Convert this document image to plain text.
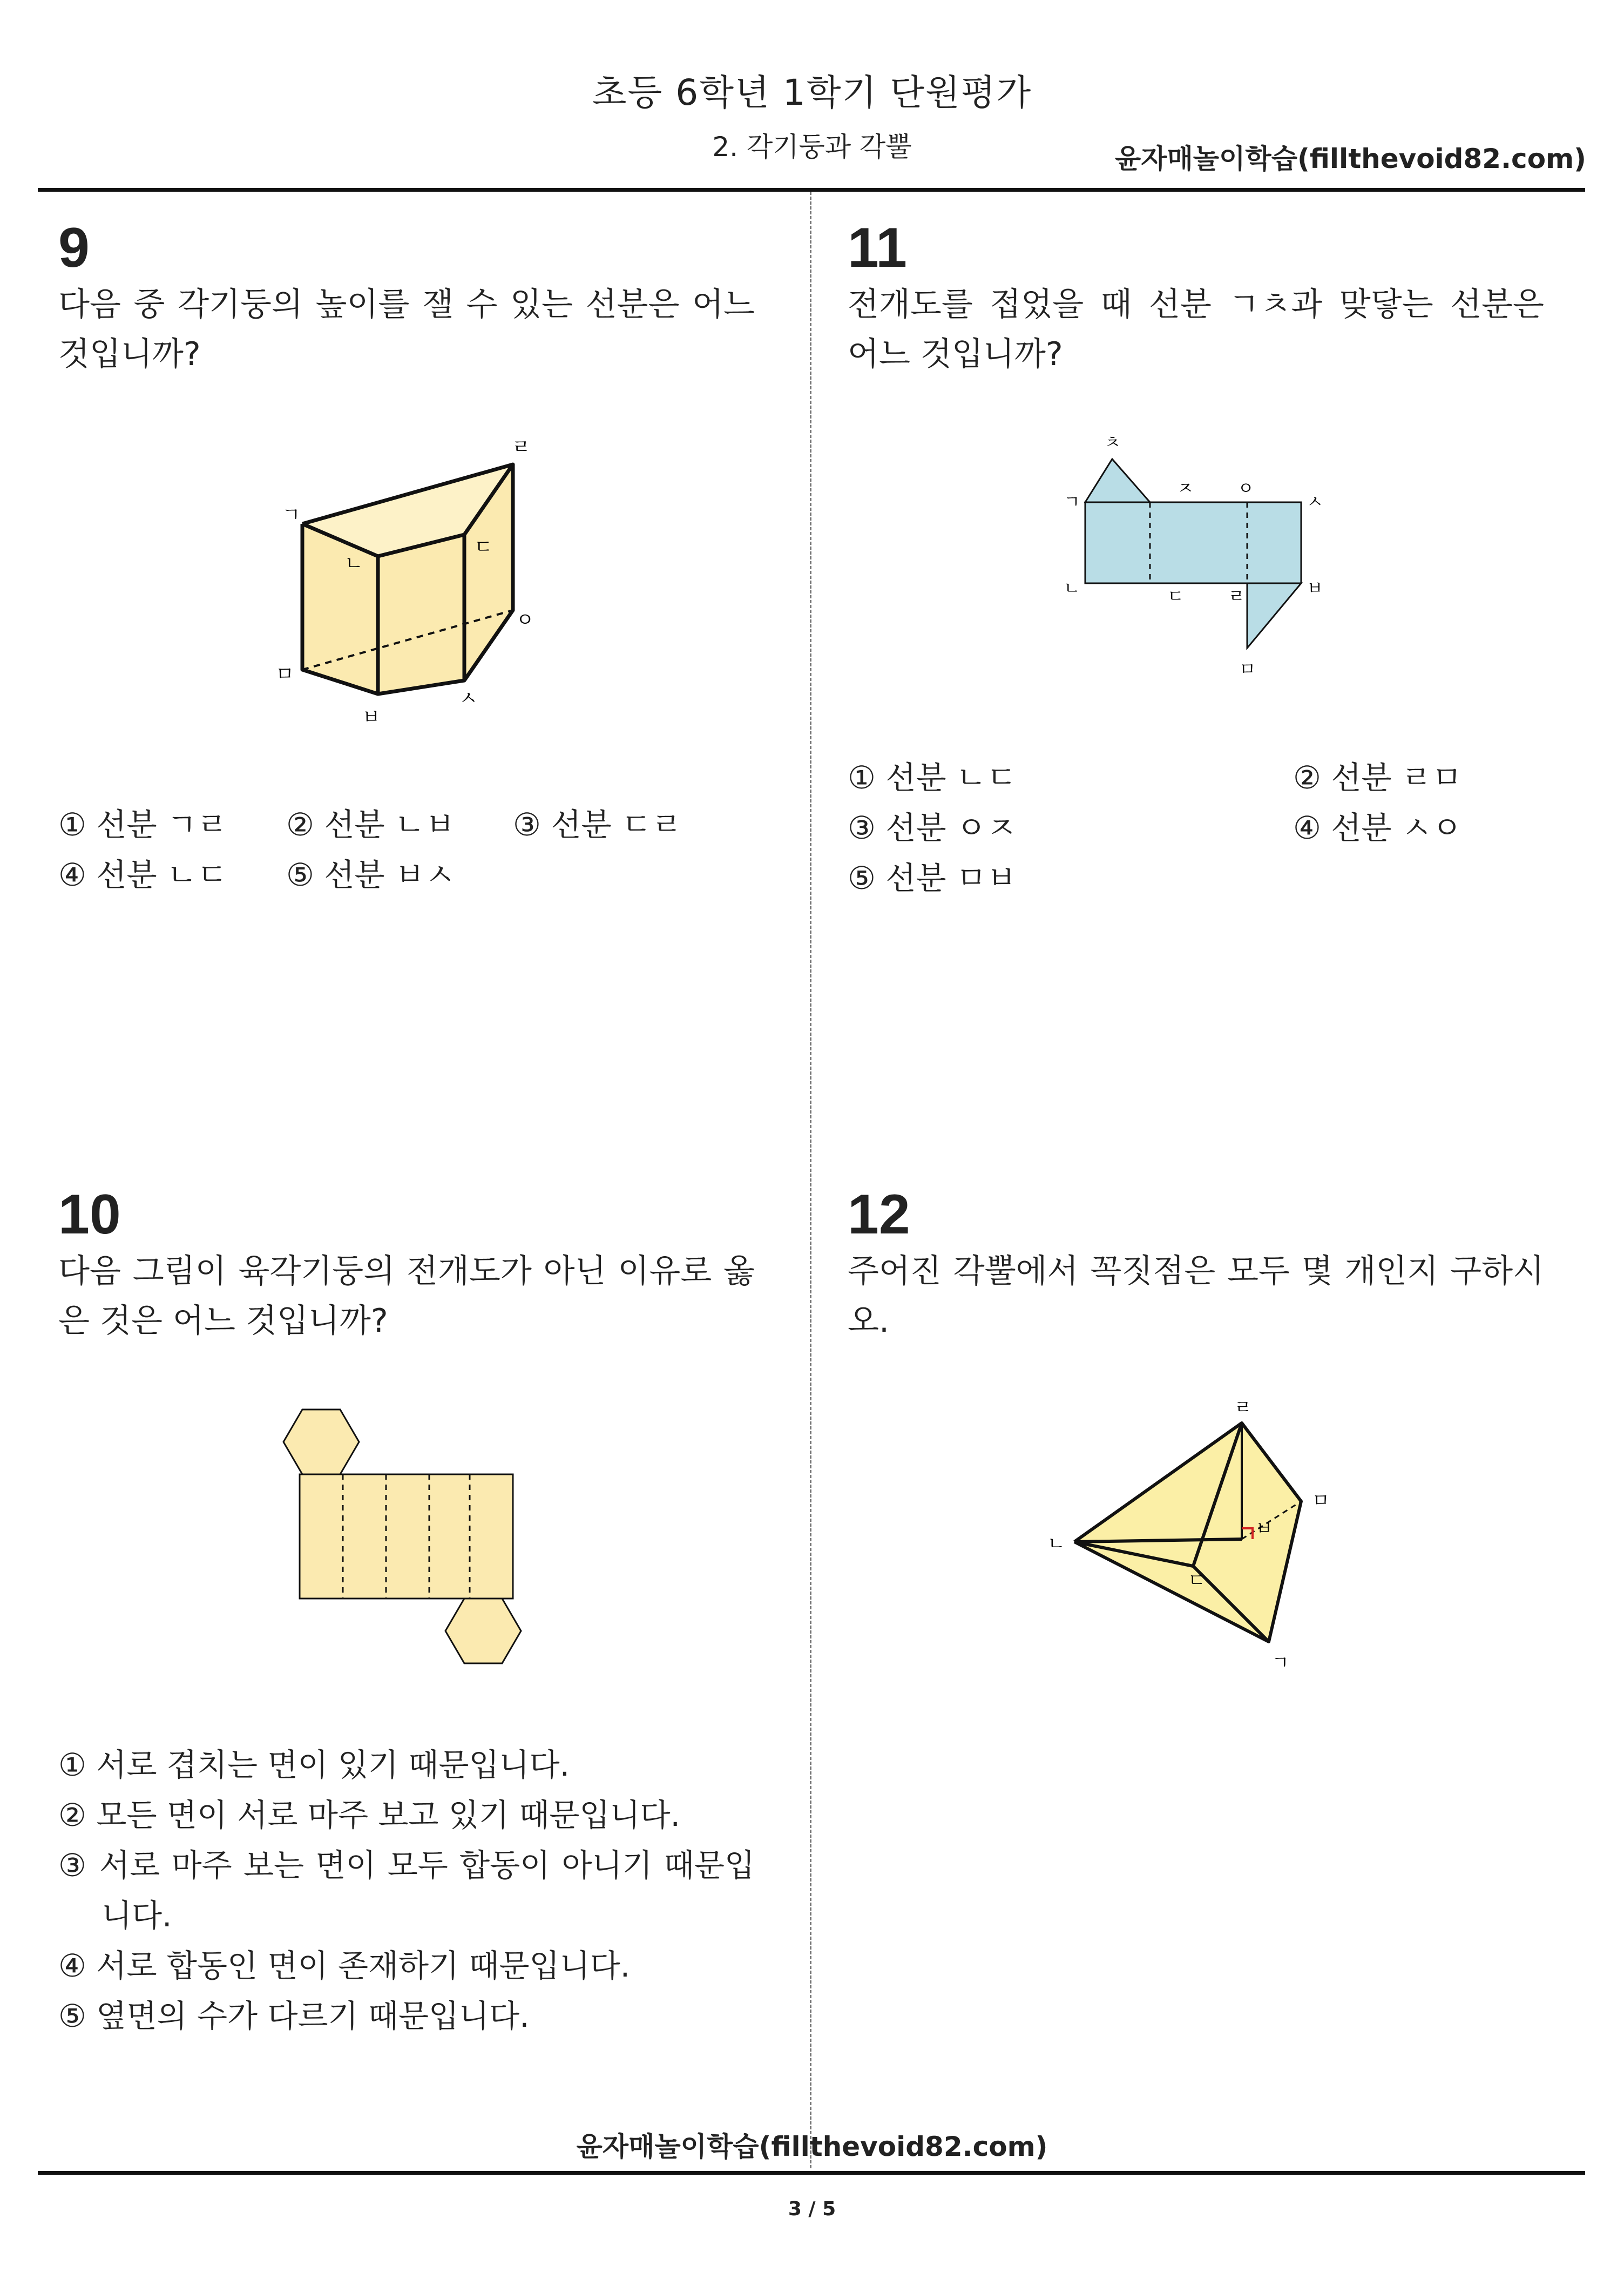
초등 6학년 1학기 단원평가
2. 각기둥과 각뿔	윤자매놀이학습(fillthevoid82.com)
9
다음 중 각기둥의 높이를 잴 수 있는 선분은 어느 것입니까?
ㄱ
ㄴ
ㄷ
ㄹ
ㅁ
ㅂ
ㅅ
ㅇ
① 선분 ㄱㄹ ② 선분 ㄴㅂ ③ 선분 ㄷㄹ
④ 선분 ㄴㄷ ⑤ 선분 ㅂㅅ
11
전개도를 접었을 때 선분 ㄱㅊ과 맞닿는 선분은 어느 것입니까?
ㅊ
ㄱ
ㅈ	ㅇ
ㅅ
ㄴ	ㄷ	ㄹ	ㅂ
ㅁ
① 선분 ㄴㄷ	② 선분 ㄹㅁ
③ 선분 ㅇㅈ	④ 선분 ㅅㅇ
⑤ 선분 ㅁㅂ
10
다음 그림이 육각기둥의 전개도가 아닌 이유로 옳은 것은 어느 것입니까?
① 서로 겹치는 면이 있기 때문입니다.
② 모든 면이 서로 마주 보고 있기 때문입니다.
③ 서로 마주 보는 면이 모두 합동이 아니기 때문입니다.
④ 서로 합동인 면이 존재하기 때문입니다.
⑤ 옆면의 수가 다르기 때문입니다.
12
주어진 각뿔에서 꼭짓점은 모두 몇 개인지 구하시오.
ㄹ
ㅁ
ㄴ
ㅂ
ㄷ
ㄱ
윤자매놀이학습(fillthevoid82.com)
3 / 5
